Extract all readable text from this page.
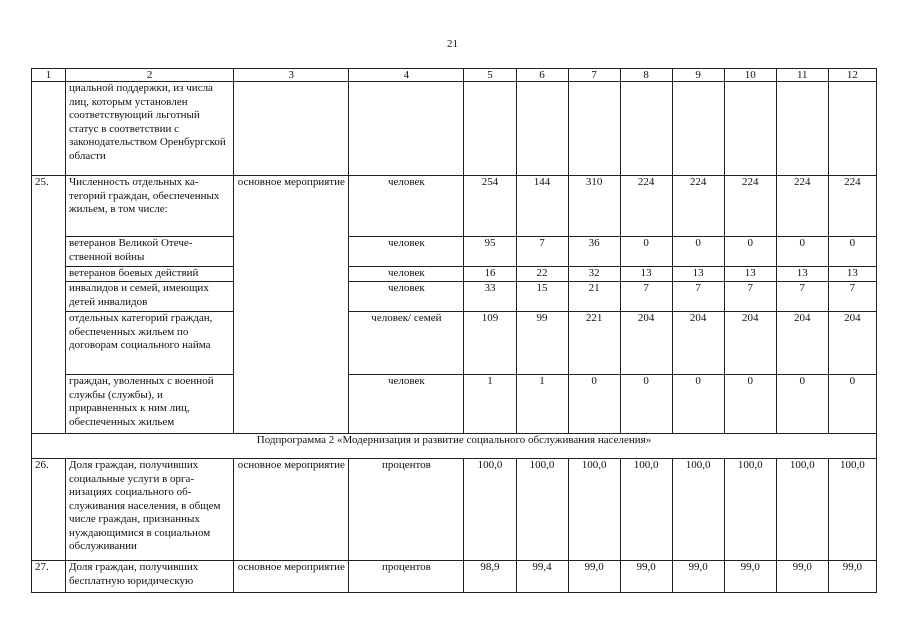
21
1	2	3	4	5	6	7	8	9	10	11	12
	циальной поддержки, из числа лиц, которым установлен соответствующий льготный статус в соответствии с законодательством Оренбургской области										
25.	Численность отдельных категорий граждан, обеспеченных жильем, в том числе:	основное мероприятие	человек	254	144	310	224	224	224	224	224
	ветеранов Великой Отечественной войны		человек	95	7	36	0	0	0	0	0
	ветеранов боевых действий		человек	16	22	32	13	13	13	13	13
	инвалидов и семей, имеющих детей инвалидов		человек	33	15	21	7	7	7	7	7
	отдельных категорий граждан, обеспеченных жильем по договорам социального найма		человек/ семей	109	99	221	204	204	204	204	204
	граждан, уволенных с военной службы (службы), и приравненных к ним лиц, обеспеченных жильем		человек	1	1	0	0	0	0	0	0
Подпрограмма 2 «Модернизация и развитие социального обслуживания населения»											
26.	Доля граждан, получивших социальные услуги в организациях социального обслуживания населения, в общем числе граждан, признанных нуждающимися в социальном обслуживании	основное мероприятие	процентов	100,0	100,0	100,0	100,0	100,0	100,0	100,0	100,0
27.	Доля граждан, получивших бесплатную юридическую	основное мероприятие	процентов	98,9	99,4	99,0	99,0	99,0	99,0	99,0	99,0
